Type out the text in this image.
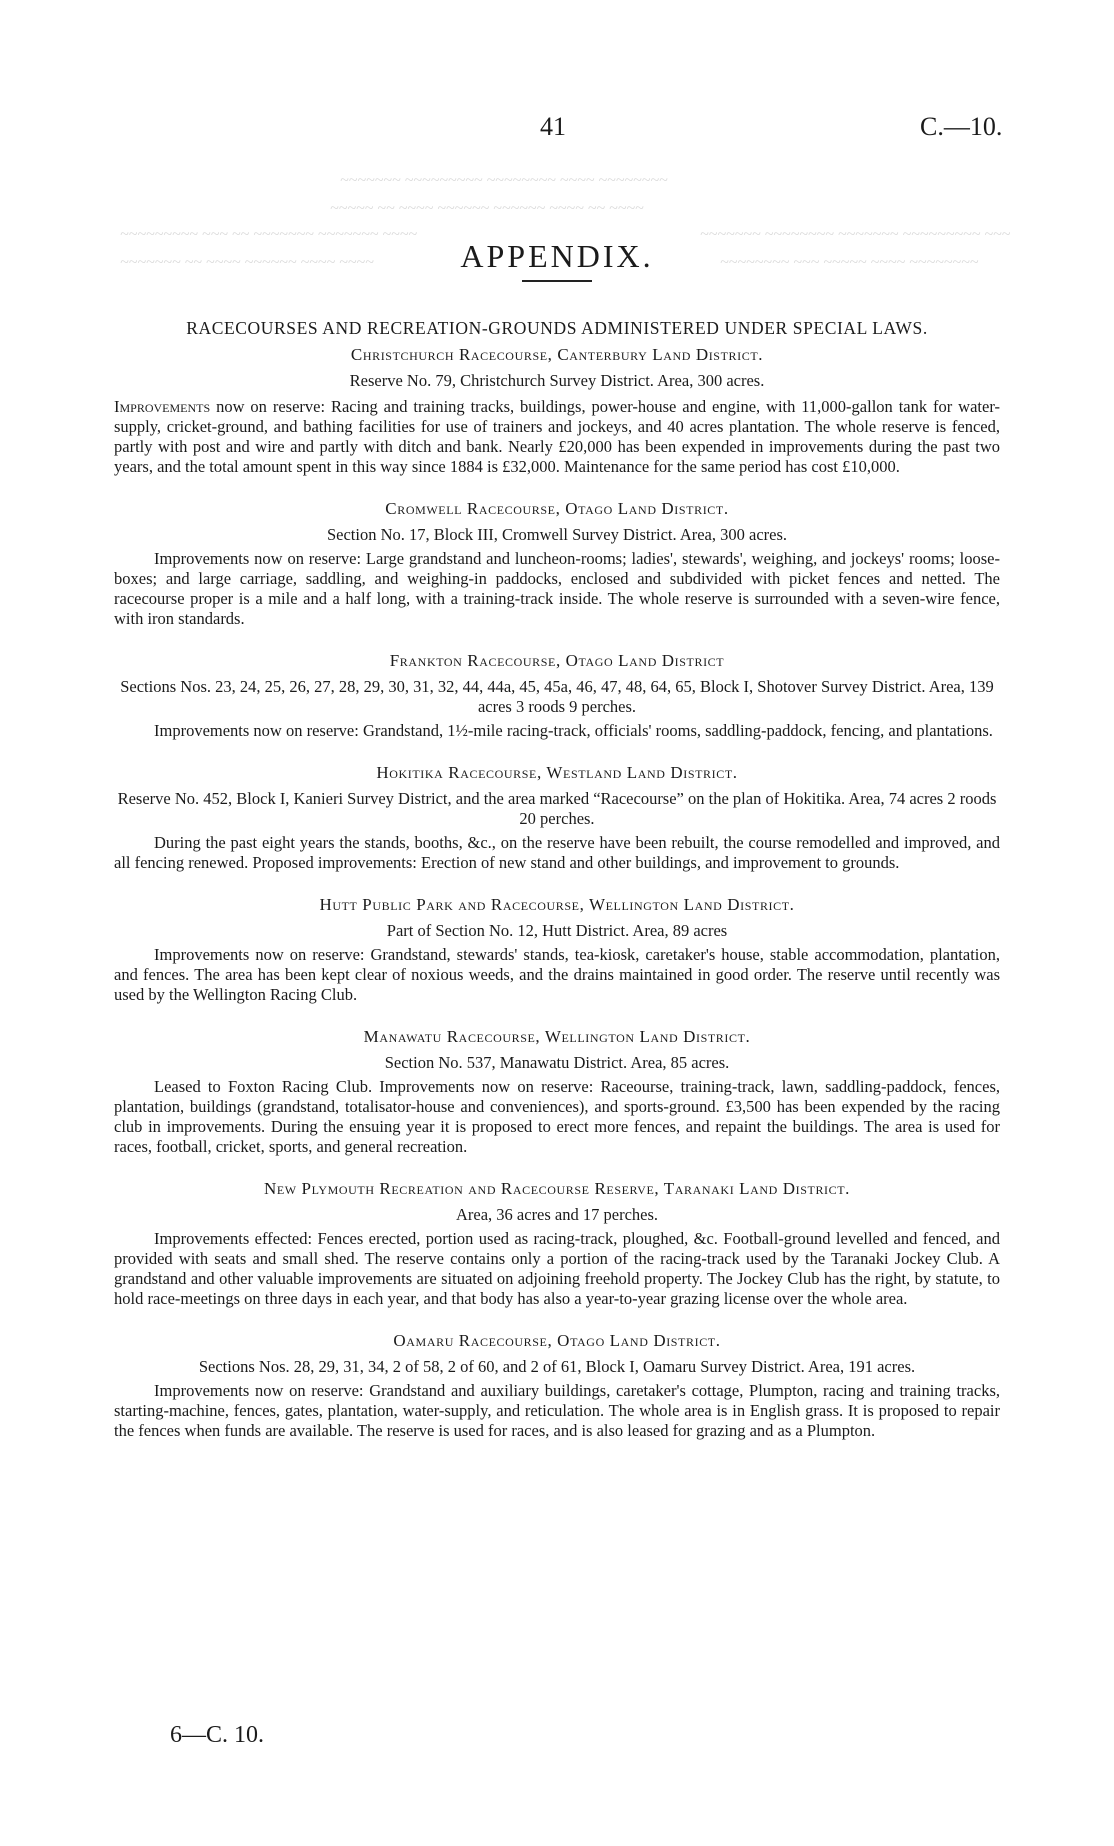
41	C.—10.
~~~~~~~ ~~~~~~~~~ ~~~~~~~~ ~~~~ ~~~~~~~~
~~~~~ ~~ ~~~~ ~~~~~~ ~~~~~~ ~~~~ ~~ ~~~~
~~~~~~~~~ ~~~ ~~ ~~~~~~~ ~~~~~~~ ~~~~	~~~~~~~ ~~~~~~~~ ~~~~~~~ ~~~~~~~~~ ~~~
~~~~~~~ ~~ ~~~~ ~~~~~~ ~~~~ ~~~~	~~~~~~~~ ~~~ ~~~~~ ~~~~ ~~~~~~~~
APPENDIX.
RACECOURSES AND RECREATION-GROUNDS ADMINISTERED UNDER SPECIAL LAWS.
Christchurch Racecourse, Canterbury Land District.
Reserve No. 79, Christchurch Survey District. Area, 300 acres.

Improvements now on reserve: Racing and training tracks, buildings, power-house and engine, with 11,000-gallon tank for water-supply, cricket-ground, and bathing facilities for use of trainers and jockeys, and 40 acres plantation. The whole reserve is fenced, partly with post and wire and partly with ditch and bank. Nearly £20,000 has been expended in improvements during the past two years, and the total amount spent in this way since 1884 is £32,000. Maintenance for the same period has cost £10,000.

Cromwell Racecourse, Otago Land District.
Section No. 17, Block III, Cromwell Survey District. Area, 300 acres.

Improvements now on reserve: Large grandstand and luncheon-rooms; ladies', stewards', weighing, and jockeys' rooms; loose-boxes; and large carriage, saddling, and weighing-in paddocks, enclosed and subdivided with picket fences and netted. The racecourse proper is a mile and a half long, with a training-track inside. The whole reserve is surrounded with a seven-wire fence, with iron standards.

Frankton Racecourse, Otago Land District
Sections Nos. 23, 24, 25, 26, 27, 28, 29, 30, 31, 32, 44, 44a, 45, 45a, 46, 47, 48, 64, 65, Block I, Shotover Survey District. Area, 139 acres 3 roods 9 perches.

Improvements now on reserve: Grandstand, 1½-mile racing-track, officials' rooms, saddling-paddock, fencing, and plantations.

Hokitika Racecourse, Westland Land District.
Reserve No. 452, Block I, Kanieri Survey District, and the area marked “Racecourse” on the plan of Hokitika. Area, 74 acres 2 roods 20 perches.

During the past eight years the stands, booths, &c., on the reserve have been rebuilt, the course remodelled and improved, and all fencing renewed. Proposed improvements: Erection of new stand and other buildings, and improvement to grounds.

Hutt Public Park and Racecourse, Wellington Land District.
Part of Section No. 12, Hutt District. Area, 89 acres

Improvements now on reserve: Grandstand, stewards' stands, tea-kiosk, caretaker's house, stable accommodation, plantation, and fences. The area has been kept clear of noxious weeds, and the drains maintained in good order. The reserve until recently was used by the Wellington Racing Club.

Manawatu Racecourse, Wellington Land District.
Section No. 537, Manawatu District. Area, 85 acres.

Leased to Foxton Racing Club. Improvements now on reserve: Raceourse, training-track, lawn, saddling-paddock, fences, plantation, buildings (grandstand, totalisator-house and conveniences), and sports-ground. £3,500 has been expended by the racing club in improvements. During the ensuing year it is proposed to erect more fences, and repaint the buildings. The area is used for races, football, cricket, sports, and general recreation.

New Plymouth Recreation and Racecourse Reserve, Taranaki Land District.
Area, 36 acres and 17 perches.

Improvements effected: Fences erected, portion used as racing-track, ploughed, &c. Football-ground levelled and fenced, and provided with seats and small shed. The reserve contains only a portion of the racing-track used by the Taranaki Jockey Club. A grandstand and other valuable improvements are situated on adjoining freehold property. The Jockey Club has the right, by statute, to hold race-meetings on three days in each year, and that body has also a year-to-year grazing license over the whole area.

Oamaru Racecourse, Otago Land District.
Sections Nos. 28, 29, 31, 34, 2 of 58, 2 of 60, and 2 of 61, Block I, Oamaru Survey District. Area, 191 acres.

Improvements now on reserve: Grandstand and auxiliary buildings, caretaker's cottage, Plumpton, racing and training tracks, starting-machine, fences, gates, plantation, water-supply, and reticulation. The whole area is in English grass. It is proposed to repair the fences when funds are available. The reserve is used for races, and is also leased for grazing and as a Plumpton.

6—C. 10.
